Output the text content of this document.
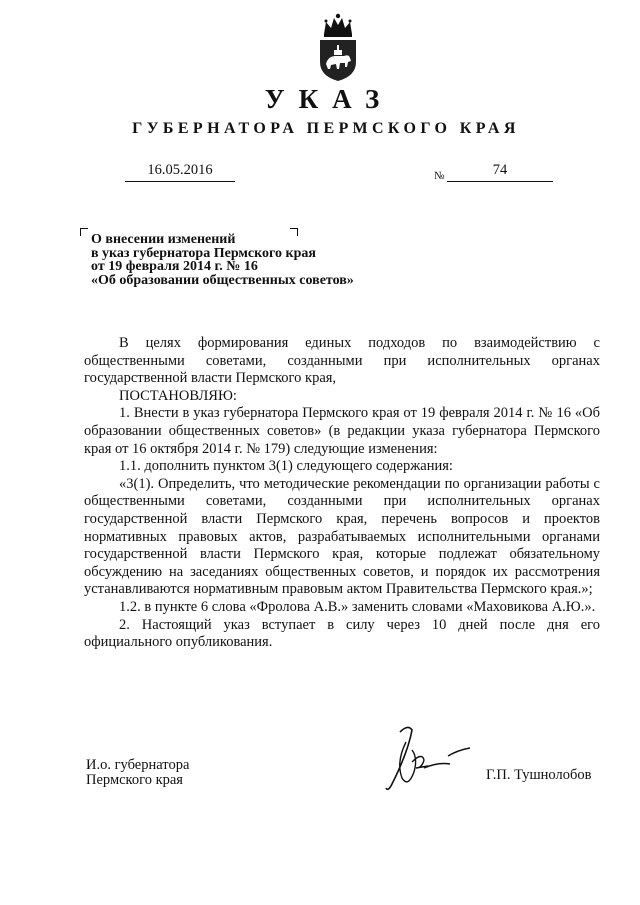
УКАЗ
ГУБЕРНАТОРА ПЕРМСКОГО КРАЯ
16.05.2016	№	74
О внесении изменений
в указ губернатора Пермского края
от 19 февраля 2014 г. № 16
«Об образовании общественных советов»

В целях формирования единых подходов по взаимодействию с общественными советами, созданными при исполнительных органах государственной власти Пермского края,

ПОСТАНОВЛЯЮ:

1. Внести в указ губернатора Пермского края от 19 февраля 2014 г. № 16 «Об образовании общественных советов» (в редакции указа губернатора Пермского края от 16 октября 2014 г. № 179) следующие изменения:

1.1. дополнить пунктом 3(1) следующего содержания:

«3(1). Определить, что методические рекомендации по организации работы с общественными советами, созданными при исполнительных органах государственной власти Пермского края, перечень вопросов и проектов нормативных правовых актов, разрабатываемых исполнительными органами государственной власти Пермского края, которые подлежат обязательному обсуждению на заседаниях общественных советов, и порядок их рассмотрения устанавливаются нормативным правовым актом Правительства Пермского края.»;

1.2. в пункте 6 слова «Фролова А.В.» заменить словами «Маховикова А.Ю.».

2. Настоящий указ вступает в силу через 10 дней после дня его официального опубликования.

И.о. губернатора
Пермского края	Г.П. Тушнолобов
